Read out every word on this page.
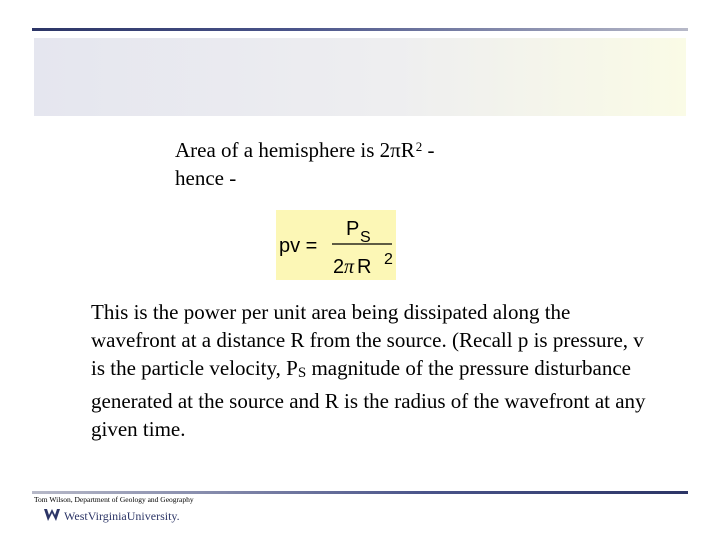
Area of a hemisphere is $2\pi R^2$ -
hence -
pv =
P S
2 π R 2
This is the power per unit area being dissipated along the wavefront at a distance R from the source. (Recall p is pressure, v is the particle velocity, $P_S$ magnitude of the pressure disturbance generated at the source and R is the radius of the wavefront at any given time.
Tom Wilson, Department of Geology and Geography
WestVirginiaUniversity.
